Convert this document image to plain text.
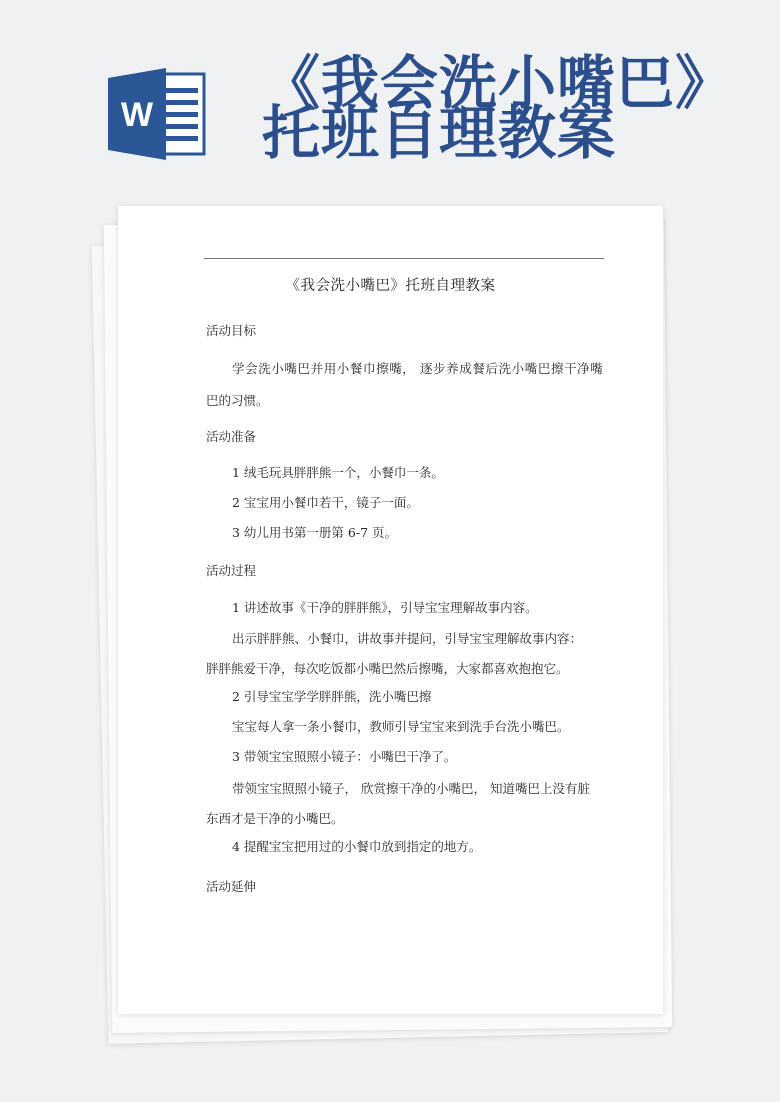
《我会洗小嘴巴》
托班自理教案
W
《我会洗小嘴巴》托班自理教案
活动目标
学会洗小嘴巴并用小餐巾擦嘴， 逐步养成餐后洗小嘴巴擦干净嘴
巴的习惯。
活动准备
1 绒毛玩具胖胖熊一个，小餐巾一条。
2 宝宝用小餐巾若干，镜子一面。
3 幼儿用书第一册第 6-7 页。
活动过程
1 讲述故事《干净的胖胖熊》，引导宝宝理解故事内容。
出示胖胖熊、小餐巾，讲故事并提问，引导宝宝理解故事内容：
胖胖熊爱干净，每次吃饭都小嘴巴然后擦嘴，大家都喜欢抱抱它。
2 引导宝宝学学胖胖熊，洗小嘴巴擦
宝宝每人拿一条小餐巾，教师引导宝宝来到洗手台洗小嘴巴。
3 带领宝宝照照小镜子：小嘴巴干净了。
带领宝宝照照小镜子， 欣赏擦干净的小嘴巴， 知道嘴巴上没有脏
东西才是干净的小嘴巴。
4 提醒宝宝把用过的小餐巾放到指定的地方。
活动延伸
